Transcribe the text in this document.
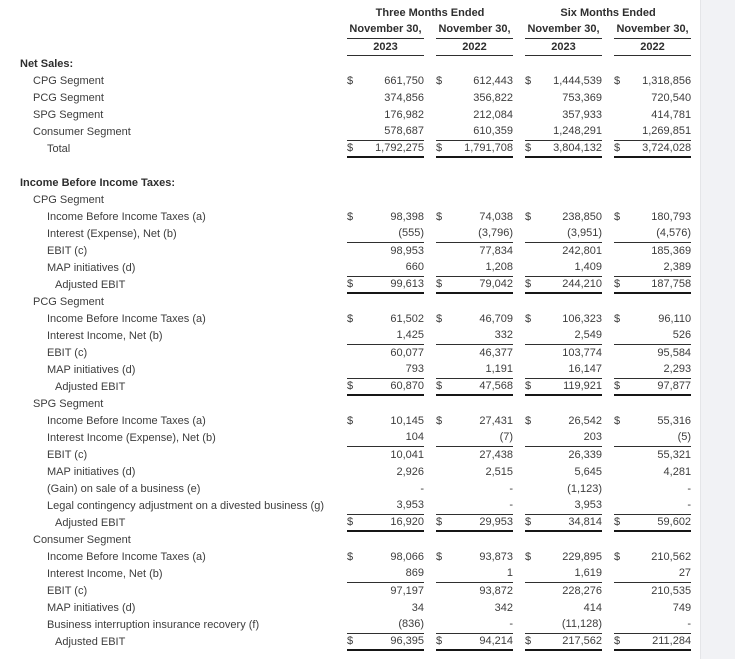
	Three Months Ended						Six Months Ended				
	November 30,			November 30,			November 30,			November 30,	
	2023			2022			2023			2022	
Net Sales:											
CPG Segment	$	661,750		$	612,443		$	1,444,539		$	1,318,856
PCG Segment		374,856			356,822			753,369			720,540
SPG Segment		176,982			212,084			357,933			414,781
Consumer Segment		578,687			610,359			1,248,291			1,269,851
Total	$	1,792,275		$	1,791,708		$	3,804,132		$	3,724,028

Income Before Income Taxes:											
CPG Segment											
Income Before Income Taxes (a)	$	98,398		$	74,038		$	238,850		$	180,793
Interest (Expense), Net (b)		(555)			(3,796)			(3,951)			(4,576)
EBIT (c)		98,953			77,834			242,801			185,369
MAP initiatives (d)		660			1,208			1,409			2,389
Adjusted EBIT	$	99,613		$	79,042		$	244,210		$	187,758
PCG Segment											
Income Before Income Taxes (a)	$	61,502		$	46,709		$	106,323		$	96,110
Interest Income, Net (b)		1,425			332			2,549			526
EBIT (c)		60,077			46,377			103,774			95,584
MAP initiatives (d)		793			1,191			16,147			2,293
Adjusted EBIT	$	60,870		$	47,568		$	119,921		$	97,877
SPG Segment											
Income Before Income Taxes (a)	$	10,145		$	27,431		$	26,542		$	55,316
Interest Income (Expense), Net (b)		104			(7)			203			(5)
EBIT (c)		10,041			27,438			26,339			55,321
MAP initiatives (d)		2,926			2,515			5,645			4,281
(Gain) on sale of a business (e)		-			-			(1,123)			-
Legal contingency adjustment on a divested business (g)		3,953			-			3,953			-
Adjusted EBIT	$	16,920		$	29,953		$	34,814		$	59,602
Consumer Segment											
Income Before Income Taxes (a)	$	98,066		$	93,873		$	229,895		$	210,562
Interest Income, Net (b)		869			1			1,619			27
EBIT (c)		97,197			93,872			228,276			210,535
MAP initiatives (d)		34			342			414			749
Business interruption insurance recovery (f)		(836)			-			(11,128)			-
Adjusted EBIT	$	96,395		$	94,214		$	217,562		$	211,284
